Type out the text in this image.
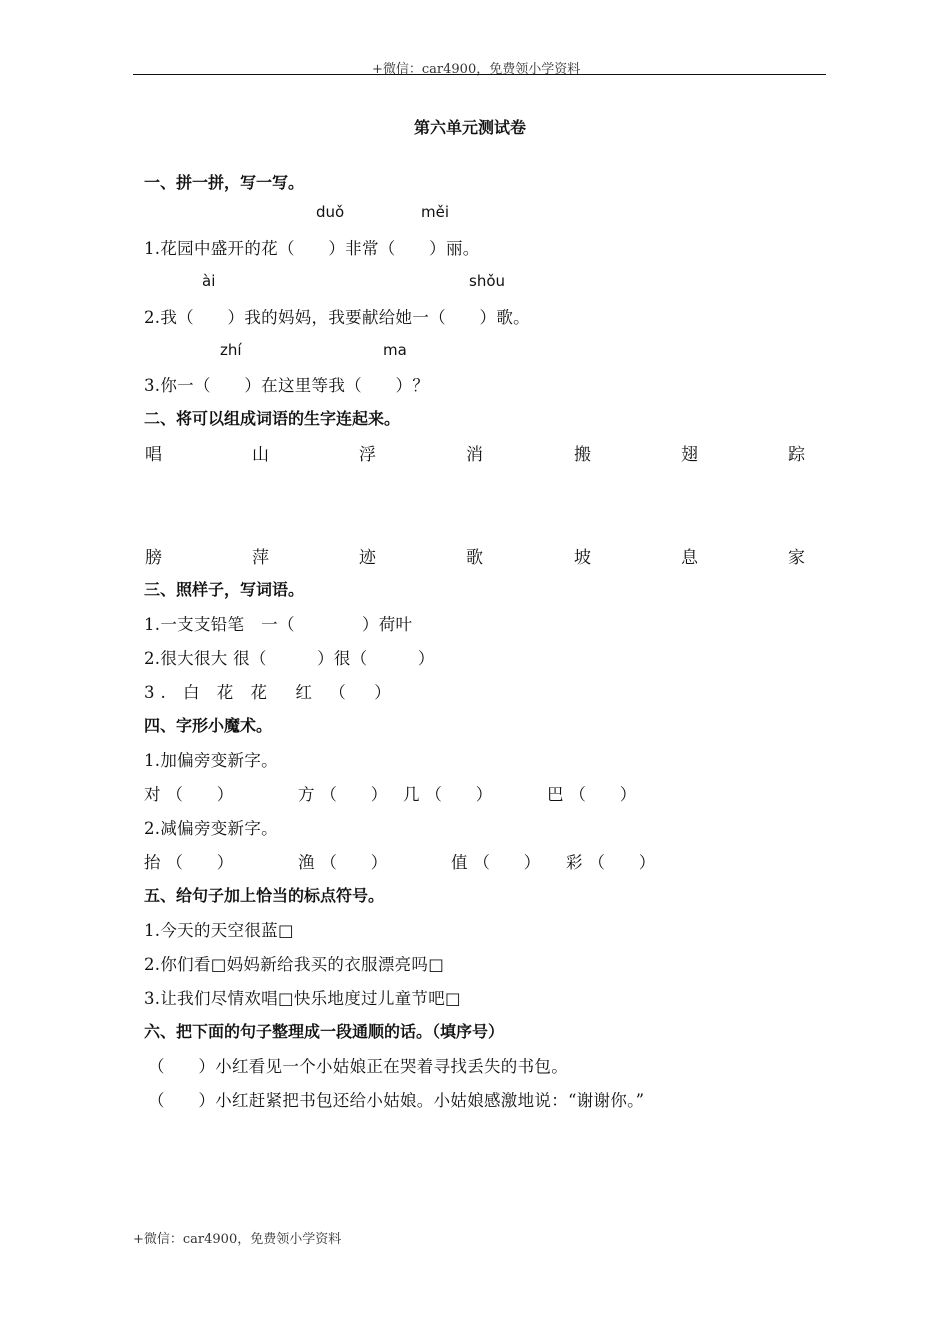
+微信：car4900，免费领小学资料
第六单元测试卷
一、拼一拼，写一写。
duǒ	měi
1.花园中盛开的花（　　）非常（　　）丽。
ài	shǒu
2.我（　　）我的妈妈，我要献给她一（　　）歌。
zhí	ma
3.你一（　　）在这里等我（　　）？
二、将可以组成词语的生字连起来。
唱	山	浮	消	搬	翅	踪
膀	萍	迹	歌	坡	息	家
三、照样子，写词语。
1.一支支铅笔　一（　　　　）荷叶
2.很大很大 很（　　　）很（　　　）
3. 白 花 花　红 （　）
四、字形小魔术。
1.加偏旁变新字。
对 （　　）	方 （　　） 几 （　　）	巴 （　　）
2.减偏旁变新字。
抬 （　　）	渔 （　　）	值 （　　） 彩 （　　）
五、给句子加上恰当的标点符号。
1.今天的天空很蓝□
2.你们看□妈妈新给我买的衣服漂亮吗□
3.让我们尽情欢唱□快乐地度过儿童节吧□
六、把下面的句子整理成一段通顺的话。（填序号）
（　　）小红看见一个小姑娘正在哭着寻找丢失的书包。
（　　）小红赶紧把书包还给小姑娘。小姑娘感激地说：“谢谢你。”
+微信：car4900，免费领小学资料
